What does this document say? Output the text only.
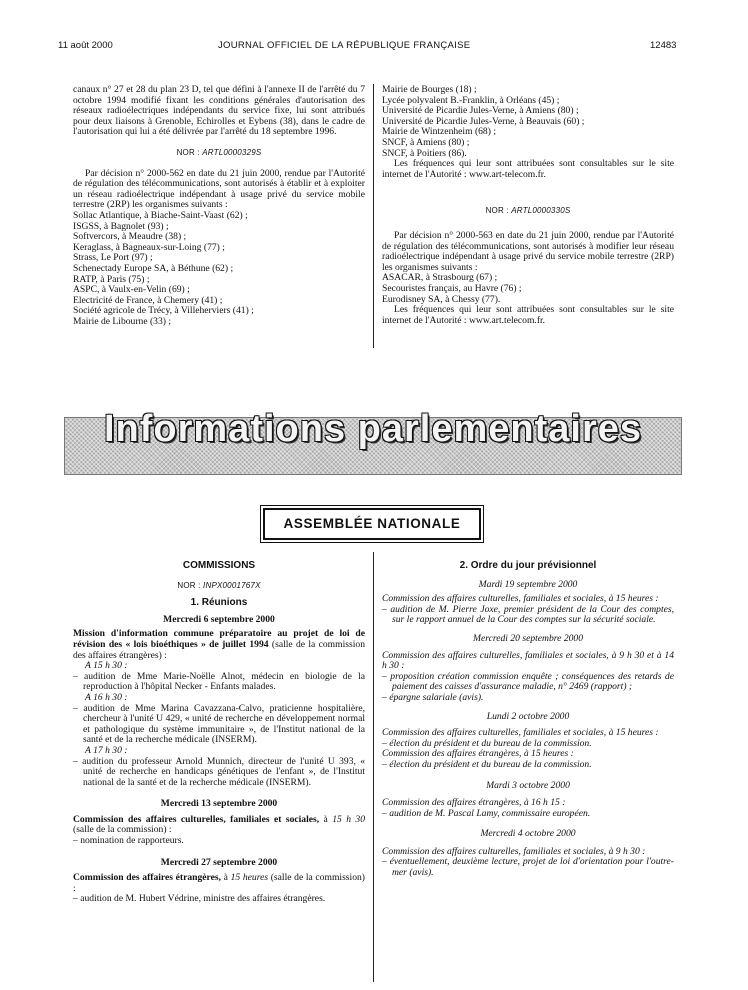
11 août 2000	JOURNAL OFFICIEL DE LA RÉPUBLIQUE FRANÇAISE	12483

canaux n° 27 et 28 du plan 23 D, tel que défini à l'annexe II de l'arrêté du 7 octobre 1994 modifié fixant les conditions générales d'autorisation des réseaux radioélectriques indépendants du service fixe, lui sont attribués pour deux liaisons à Grenoble, Echirolles et Eybens (38), dans le cadre de l'autorisation qui lui a été délivrée par l'arrêté du 18 septembre 1996.

NOR : ARTL0000329S

Par décision n° 2000-562 en date du 21 juin 2000, rendue par l'Autorité de régulation des télécommunications, sont autorisés à établir et à exploiter un réseau radioélectrique indépendant à usage privé du service mobile terrestre (2RP) les organismes suivants :

Sollac Atlantique, à Biache-Saint-Vaast (62) ;

ISGSS, à Bagnolet (93) ;

Softvercors, à Meaudre (38) ;

Keraglass, à Bagneaux-sur-Loing (77) ;

Strass, Le Port (97) ;

Schenectady Europe SA, à Béthune (62) ;

RATP, à Paris (75) ;

ASPC, à Vaulx-en-Velin (69) ;

Electricité de France, à Chemery (41) ;

Société agricole de Trécy, à Villeherviers (41) ;

Mairie de Libourne (33) ;

Mairie de Bourges (18) ;

Lycée polyvalent B.-Franklin, à Orléans (45) ;

Université de Picardie Jules-Verne, à Amiens (80) ;

Université de Picardie Jules-Verne, à Beauvais (60) ;

Mairie de Wintzenheim (68) ;

SNCF, à Amiens (80) ;

SNCF, à Poitiers (86).

Les fréquences qui leur sont attribuées sont consultables sur le site internet de l'Autorité : www.art-telecom.fr.

NOR : ARTL0000330S

Par décision n° 2000-563 en date du 21 juin 2000, rendue par l'Autorité de régulation des télécommunications, sont autorisés à modifier leur réseau radioélectrique indépendant à usage privé du service mobile terrestre (2RP) les organismes suivants :

ASACAR, à Strasbourg (67) ;

Secouristes français, au Havre (76) ;

Eurodisney SA, à Chessy (77).

Les fréquences qui leur sont attribuées sont consultables sur le site internet de l'Autorité : www.art.telecom.fr.

Informations parlementaires
ASSEMBLÉE NATIONALE
COMMISSIONS
NOR : INPX0001767X
1. Réunions
Mercredi 6 septembre 2000

Mission d'information commune préparatoire au projet de loi de révision des « lois bioéthiques » de juillet 1994 (salle de la commission des affaires étrangères) :

A 15 h 30 :

– audition de Mme Marie-Noëlle Alnot, médecin en biologie de la reproduction à l'hôpital Necker - Enfants malades.

A 16 h 30 :

– audition de Mme Marina Cavazzana-Calvo, praticienne hospitalière, chercheur à l'unité U 429, « unité de recherche en développement normal et pathologique du système immunitaire », de l'Institut national de la santé et de la recherche médicale (INSERM).

A 17 h 30 :

– audition du professeur Arnold Munnich, directeur de l'unité U 393, « unité de recherche en handicaps génétiques de l'enfant », de l'Institut national de la santé et de la recherche médicale (INSERM).

Mercredi 13 septembre 2000

Commission des affaires culturelles, familiales et sociales, à 15 h 30 (salle de la commission) :

– nomination de rapporteurs.

Mercredi 27 septembre 2000

Commission des affaires étrangères, à 15 heures (salle de la commission) :

– audition de M. Hubert Védrine, ministre des affaires étrangères.

2. Ordre du jour prévisionnel
Mardi 19 septembre 2000

Commission des affaires culturelles, familiales et sociales, à 15 heures :

– audition de M. Pierre Joxe, premier président de la Cour des comptes, sur le rapport annuel de la Cour des comptes sur la sécurité sociale.

Mercredi 20 septembre 2000

Commission des affaires culturelles, familiales et sociales, à 9 h 30 et à 14 h 30 :

– proposition création commission enquête ; conséquences des retards de paiement des caisses d'assurance maladie, n° 2469 (rapport) ;

– épargne salariale (avis).

Lundi 2 octobre 2000

Commission des affaires culturelles, familiales et sociales, à 15 heures :

– élection du président et du bureau de la commission.

Commission des affaires étrangères, à 15 heures :

– élection du président et du bureau de la commission.

Mardi 3 octobre 2000

Commission des affaires étrangères, à 16 h 15 :

– audition de M. Pascal Lamy, commissaire européen.

Mercredi 4 octobre 2000

Commission des affaires culturelles, familiales et sociales, à 9 h 30 :

– éventuellement, deuxième lecture, projet de loi d'orientation pour l'outre-mer (avis).
